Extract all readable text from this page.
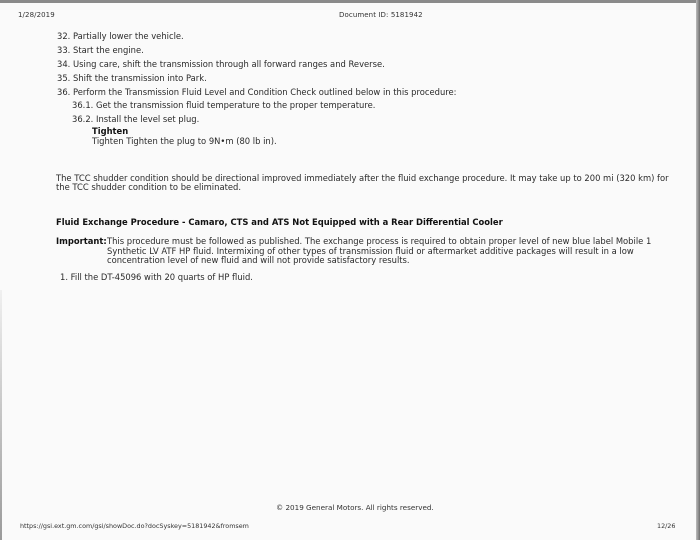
1/28/2019	Document ID: 5181942
32. Partially lower the vehicle.
33. Start the engine.
34. Using care, shift the transmission through all forward ranges and Reverse.
35. Shift the transmission into Park.
36. Perform the Transmission Fluid Level and Condition Check outlined below in this procedure:
36.1. Get the transmission fluid temperature to the proper temperature.
36.2. Install the level set plug.
Tighten
Tighten Tighten the plug to 9N•m (80 lb in).
The TCC shudder condition should be directional improved immediately after the fluid exchange procedure. It may take up to 200 mi (320 km) for
the TCC shudder condition to be eliminated.
Fluid Exchange Procedure - Camaro, CTS and ATS Not Equipped with a Rear Differential Cooler
Important: This procedure must be followed as published. The exchange process is required to obtain proper level of new blue label Mobile 1
Synthetic LV ATF HP fluid. Intermixing of other types of transmission fluid or aftermarket additive packages will result in a low
concentration level of new fluid and will not provide satisfactory results.
1. Fill the DT-45096 with 20 quarts of HP fluid.
© 2019 General Motors. All rights reserved.
https://gsi.ext.gm.com/gsi/showDoc.do?docSyskey=5181942&fromsem	12/26
